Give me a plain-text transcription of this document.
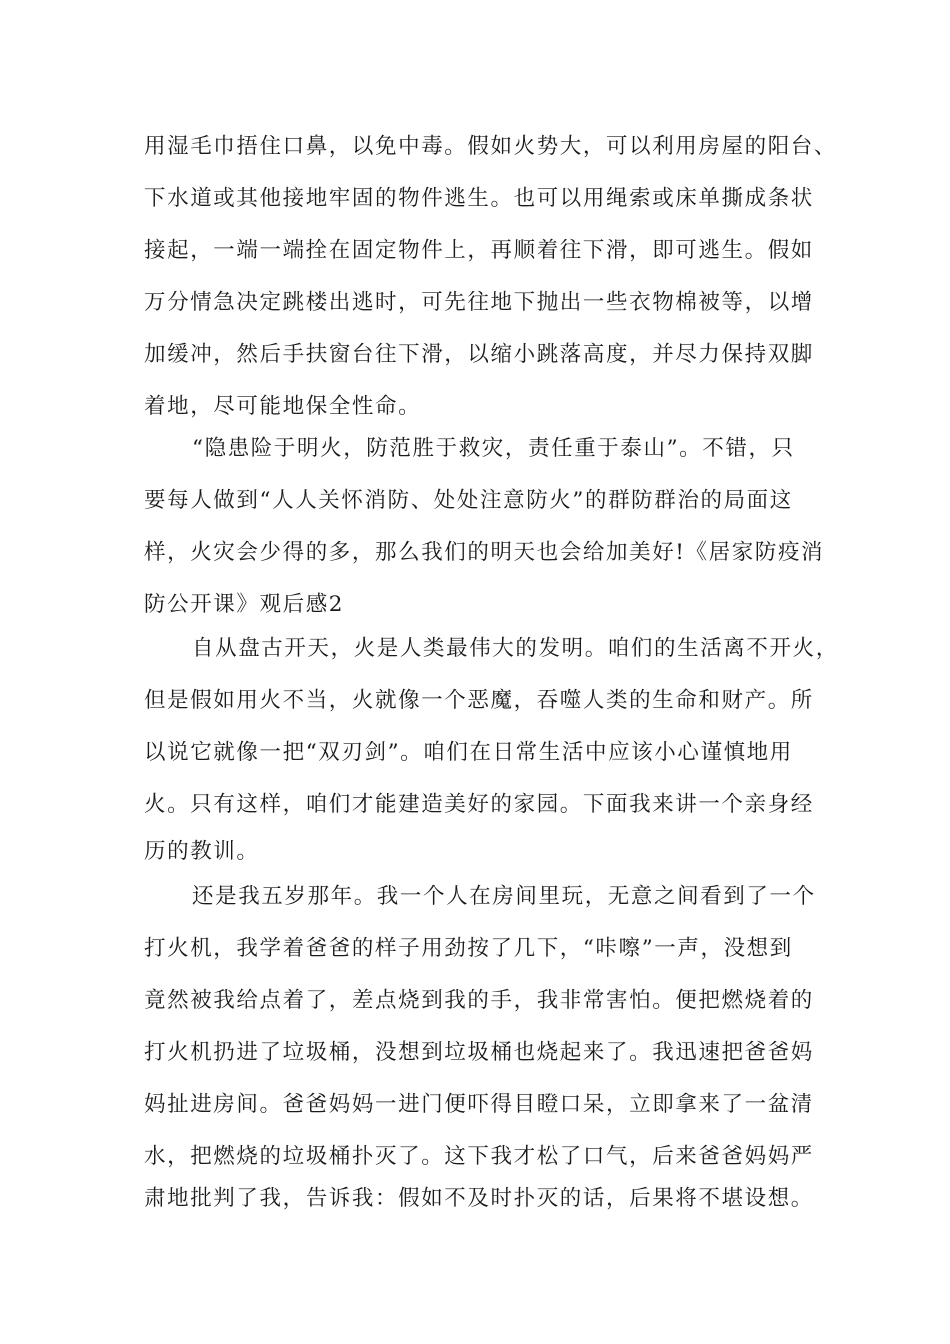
用湿毛巾捂住口鼻，以免中毒。假如火势大，可以利用房屋的阳台、
下水道或其他接地牢固的物件逃生。也可以用绳索或床单撕成条状
接起，一端一端拴在固定物件上，再顺着往下滑，即可逃生。假如
万分情急决定跳楼出逃时，可先往地下抛出一些衣物棉被等，以增
加缓冲，然后手扶窗台往下滑，以缩小跳落高度，并尽力保持双脚
着地，尽可能地保全性命。
“隐患险于明火，防范胜于救灾，责任重于泰山”。不错，只
要每人做到“人人关怀消防、处处注意防火”的群防群治的局面这
样，火灾会少得的多，那么我们的明天也会给加美好!《居家防疫消
防公开课》观后感2
自从盘古开天，火是人类最伟大的发明。咱们的生活离不开火，
但是假如用火不当，火就像一个恶魔，吞噬人类的生命和财产。所
以说它就像一把“双刃剑”。咱们在日常生活中应该小心谨慎地用
火。只有这样，咱们才能建造美好的家园。下面我来讲一个亲身经
历的教训。
还是我五岁那年。我一个人在房间里玩，无意之间看到了一个
打火机，我学着爸爸的样子用劲按了几下，“咔嚓”一声，没想到
竟然被我给点着了，差点烧到我的手，我非常害怕。便把燃烧着的
打火机扔进了垃圾桶，没想到垃圾桶也烧起来了。我迅速把爸爸妈
妈扯进房间。爸爸妈妈一进门便吓得目瞪口呆，立即拿来了一盆清
水，把燃烧的垃圾桶扑灭了。这下我才松了口气，后来爸爸妈妈严
肃地批判了我，告诉我：假如不及时扑灭的话，后果将不堪设想。
